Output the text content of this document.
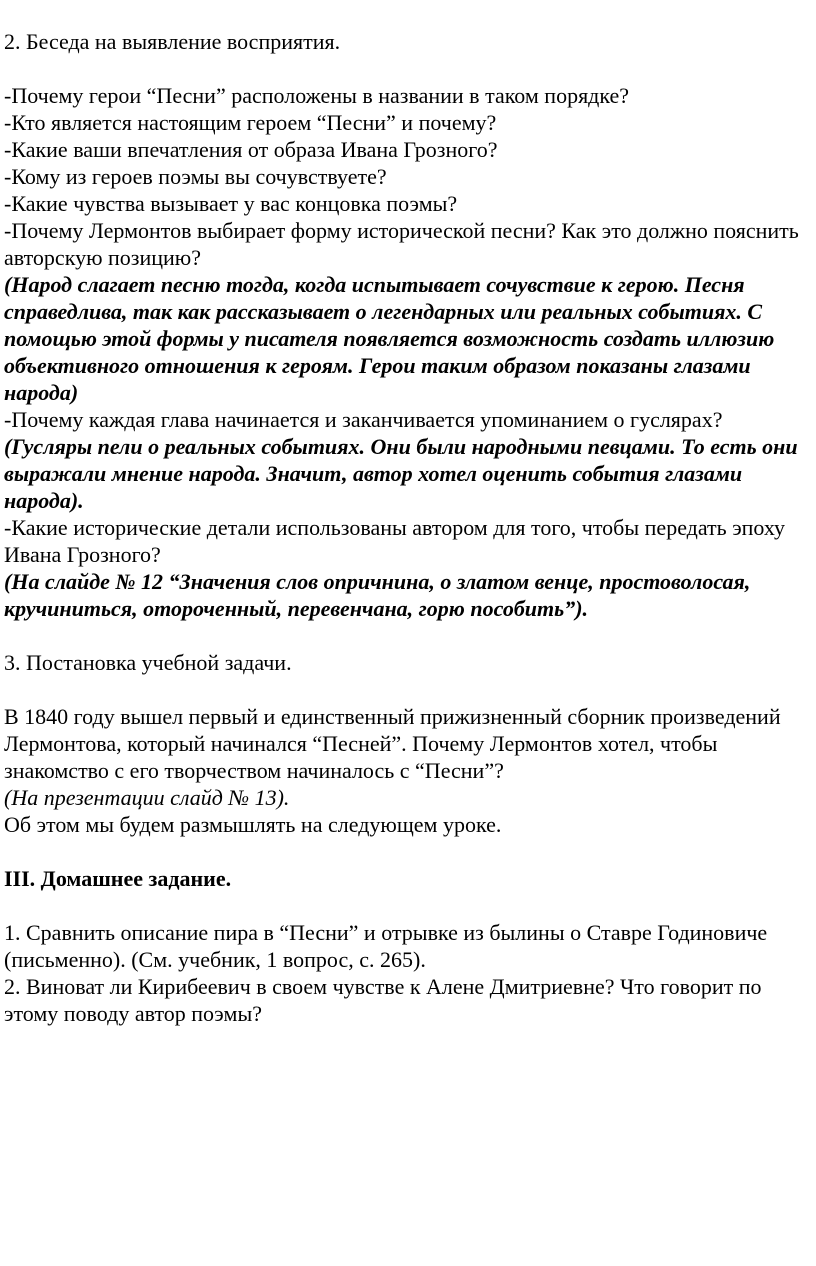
2. Беседа на выявление восприятия.

-Почему герои “Песни” расположены в названии в таком порядке?

-Кто является настоящим героем “Песни” и почему?

-Какие ваши впечатления от образа Ивана Грозного?

-Кому из героев поэмы вы сочувствуете?

-Какие чувства вызывает у вас концовка поэмы?

-Почему Лермонтов выбирает форму исторической песни? Как это должно пояснить авторскую позицию?

(Народ слагает песню тогда, когда испытывает сочувствие к герою. Песня справедлива, так как рассказывает о легендарных или реальных событиях. С помощью этой формы у писателя появляется возможность создать иллюзию объективного отношения к героям. Герои таким образом показаны глазами народа)

-Почему каждая глава начинается и заканчивается упоминанием о гуслярах?

(Гусляры пели о реальных событиях. Они были народными певцами. То есть они выражали мнение народа. Значит, автор хотел оценить события глазами народа).

-Какие исторические детали использованы автором для того, чтобы передать эпоху Ивана Грозного?

(На слайде № 12 “Значения слов опричнина, о златом венце, простоволосая, кручиниться, отороченный, перевенчана, горю пособить”).

3. Постановка учебной задачи.

В 1840 году вышел первый и единственный прижизненный сборник произведений Лермонтова, который начинался “Песней”. Почему Лермонтов хотел, чтобы знакомство с его творчеством начиналось с “Песни”?

(На презентации слайд № 13).

Об этом мы будем размышлять на следующем уроке.

III. Домашнее задание.

1. Сравнить описание пира в “Песни” и отрывке из былины о Ставре Годиновиче (письменно). (См. учебник, 1 вопрос, с. 265).

2. Виноват ли Кирибеевич в своем чувстве к Алене Дмитриевне? Что говорит по этому поводу автор поэмы?
